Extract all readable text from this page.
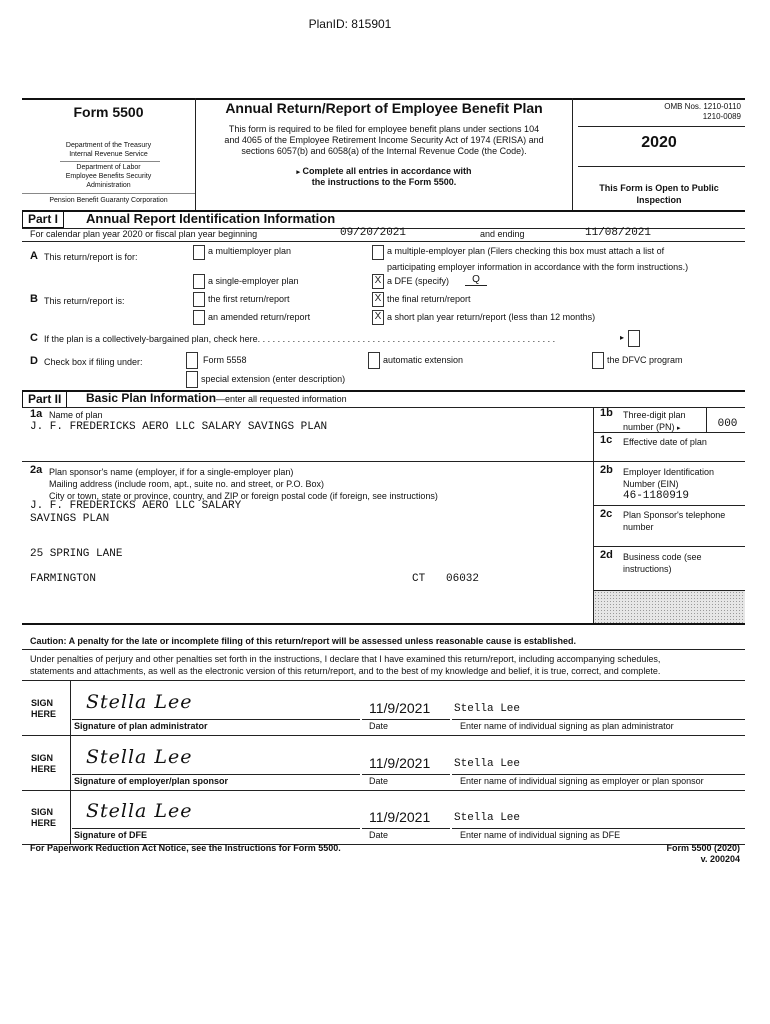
PlanID: 815901
Form 5500
Department of the Treasury
Internal Revenue Service
Department of Labor
Employee Benefits Security
Administration
Pension Benefit Guaranty Corporation
Annual Return/Report of Employee Benefit Plan
This form is required to be filed for employee benefit plans under sections 104
and 4065 of the Employee Retirement Income Security Act of 1974 (ERISA) and
sections 6057(b) and 6058(a) of the Internal Revenue Code (the Code).
▸ Complete all entries in accordance with
the instructions to the Form 5500.
OMB Nos. 1210-0110
1210-0089
2020
This Form is Open to Public
Inspection
Part I	Annual Report Identification Information
For calendar plan year 2020 or fiscal plan year beginning	09/20/2021	and ending	11/08/2021
A This return/report is for:
a multiemployer plan	a multiple-employer plan (Filers checking this box must attach a list of
participating employer information in accordance with the form instructions.)
a single-employer plan	X a DFE (specify)	Q
B This return/report is:	the first return/report	X the final return/report
an amended return/report	X a short plan year return/report (less than 12 months)
C If the plan is a collectively-bargained plan, check here. . . . . . . . . . . . . . . . . . . . . . . . . . . . . . . . . . . . . . . . . . . . . . . . . . . . . . . . . . . .	▸
D Check box if filing under:	Form 5558	automatic extension	the DFVC program
special extension (enter description)
Part II	Basic Plan Information—enter all requested information
1a Name of plan
J. F. FREDERICKS AERO LLC SALARY SAVINGS PLAN
1b Three-digit plan
number (PN) ▸	000
1c Effective date of plan
2a Plan sponsor's name (employer, if for a single-employer plan)
Mailing address (include room, apt., suite no. and street, or P.O. Box)
City or town, state or province, country, and ZIP or foreign postal code (if foreign, see instructions)
J. F. FREDERICKS AERO LLC SALARY
SAVINGS PLAN
25 SPRING LANE
FARMINGTON	CT 06032
2b Employer Identification
Number (EIN)
46-1180919
2c Plan Sponsor's telephone
number
2d Business code (see
instructions)
Caution: A penalty for the late or incomplete filing of this return/report will be assessed unless reasonable cause is established.
Under penalties of perjury and other penalties set forth in the instructions, I declare that I have examined this return/report, including accompanying schedules,
statements and attachments, as well as the electronic version of this return/report, and to the best of my knowledge and belief, it is true, correct, and complete.
SIGN
HERE
Stella Lee
Signature of plan administrator
11/9/2021
Date
Stella Lee
Enter name of individual signing as plan administrator
SIGN
HERE
Stella Lee
Signature of employer/plan sponsor
11/9/2021
Date
Stella Lee
Enter name of individual signing as employer or plan sponsor
SIGN
HERE
Stella Lee
Signature of DFE
11/9/2021
Date
Stella Lee
Enter name of individual signing as DFE
For Paperwork Reduction Act Notice, see the Instructions for Form 5500.	Form 5500 (2020)
v. 200204
